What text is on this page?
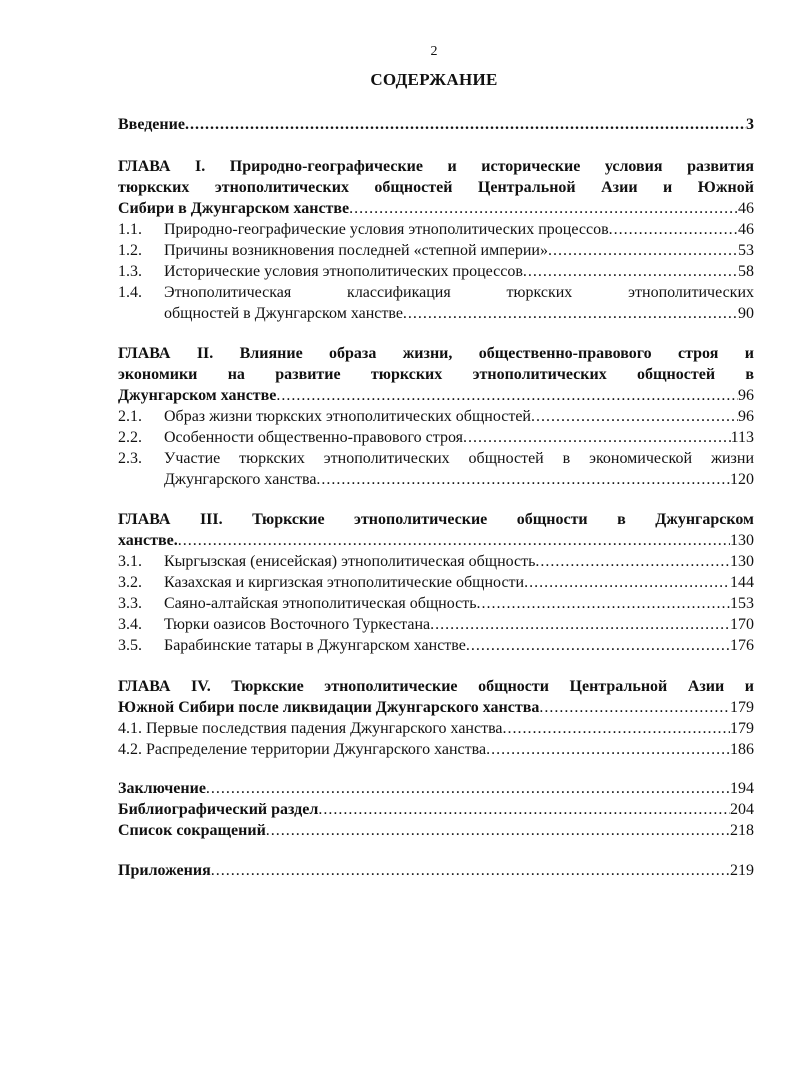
2
СОДЕРЖАНИЕ
Введение .....	3
ГЛАВА I. Природно-географические и исторические условия развития
тюркских этнополитических общностей Центральной Азии и Южной
Сибири в Джунгарском ханстве .....	46
1.1.	Природно-географические условия этнополитических процессов .....	46
1.2.	Причины возникновения последней «степной империи» .....	53
1.3.	Исторические условия этнополитических процессов .....	58
1.4.	Этнополитическая	классификация	тюркских	этнополитических
общностей в Джунгарском ханстве .....	90
ГЛАВА II. Влияние образа жизни, общественно-правового строя и
экономики на развитие тюркских этнополитических общностей в
Джунгарском ханстве .....	96
2.1.	Образ жизни тюркских этнополитических общностей .....	96
2.2.	Особенности общественно-правового строя .....	113
2.3.	Участие тюркских этнополитических общностей в экономической жизни
Джунгарского ханства .....	120
ГЛАВА III. Тюркские этнополитические общности в Джунгарском
ханстве. .....	130
3.1.	Кыргызская (енисейская) этнополитическая общность .....	130
3.2.	Казахская и киргизская этнополитические общности .....	144
3.3.	Саяно-алтайская этнополитическая общность .....	153
3.4.	Тюрки оазисов Восточного Туркестана .....	170
3.5.	Барабинские татары в Джунгарском ханстве .....	176
ГЛАВА IV. Тюркские этнополитические общности Центральной Азии и
Южной Сибири после ликвидации Джунгарского ханства .....	179
4.1. Первые последствия падения Джунгарского ханства .....	179
4.2. Распределение территории Джунгарского ханства .....	186
Заключение .....	194
Библиографический раздел .....	204
Список сокращений .....	218
Приложения .....	219
